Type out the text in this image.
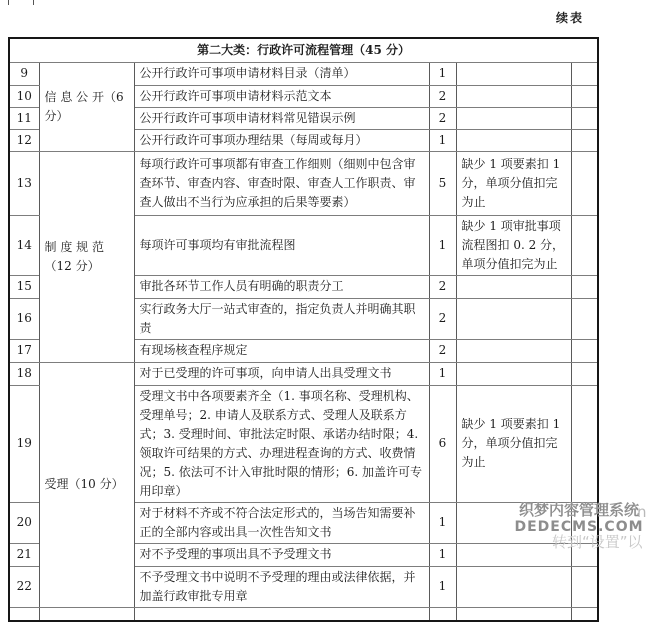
续表
第二大类：行政许可流程管理（45 分）					
9	信 息 公 开（6 分）	公开行政许可事项申请材料目录（清单）	1		
10		公开行政许可事项申请材料示范文本	2		
11		公开行政许可事项申请材料常见错误示例	2		
12		公开行政许可事项办理结果（每周或每月）	1		
13	制 度 规 范（12 分）	每项行政许可事项都有审查工作细则（细则中包含审查环节、审查内容、审查时限、审查人工作职责、审查人做出不当行为应承担的后果等要素）	5	缺少 1 项要素扣 1 分，单项分值扣完为止	
14		每项许可事项均有审批流程图	1	缺少 1 项审批事项流程图扣 0. 2 分，单项分值扣完为止	
15		审批各环节工作人员有明确的职责分工	2		
16		实行政务大厅一站式审查的，指定负责人并明确其职责	2		
17		有现场核查程序规定	2		
18	受理（10 分）	对于已受理的许可事项，向申请人出具受理文书	1		
19		受理文书中各项要素齐全（1. 事项名称、受理机构、受理单号；2. 申请人及联系方式、受理人及联系方式；3. 受理时间、审批法定时限、承诺办结时限；4. 领取许可结果的方式、办理进程查询的方式、收费情况；5. 依法可不计入审批时限的情形；6. 加盖许可专用印章）	6	缺少 1 项要素扣 1 分，单项分值扣完为止	
20		对于材料不齐或不符合法定形式的，当场告知需要补正的全部内容或出具一次性告知文书	1		
21		对不予受理的事项出具不予受理文书	1		
22		不予受理文书中说明不予受理的理由或法律依据，并加盖行政审批专用章	1		

n
转到“设置”以
织梦内容管理系统
DEDECMS.COM
